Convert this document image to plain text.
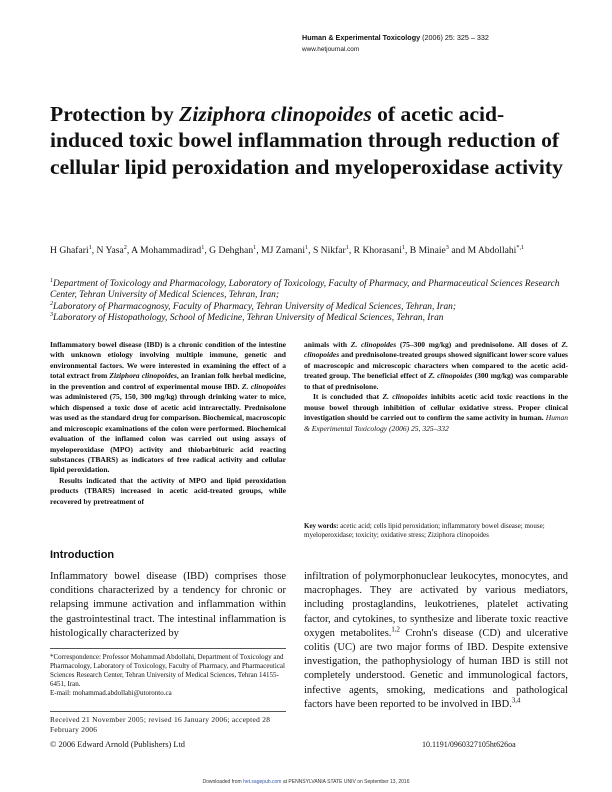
Human & Experimental Toxicology (2006) 25: 325 – 332
www.hetjournal.com
Protection by Ziziphora clinopoides of acetic acid-induced toxic bowel inflammation through reduction of cellular lipid peroxidation and myeloperoxidase activity
H Ghafari$^1$, N Yasa$^2$, A Mohammadirad$^1$, G Dehghan$^1$, MJ Zamani$^1$, S Nikfar$^1$, R Khorasani$^1$, B Minaie$^3$ and M Abdollahi$^{*,1}$
$^1$Department of Toxicology and Pharmacology, Laboratory of Toxicology, Faculty of Pharmacy, and Pharmaceutical Sciences Research Center, Tehran University of Medical Sciences, Tehran, Iran;
$^2$Laboratory of Pharmacognosy, Faculty of Pharmacy, Tehran University of Medical Sciences, Tehran, Iran;
$^3$Laboratory of Histopathology, School of Medicine, Tehran University of Medical Sciences, Tehran, Iran

Inflammatory bowel disease (IBD) is a chronic condition of the intestine with unknown etiology involving multiple immune, genetic and environmental factors. We were interested in examining the effect of a total extract from Ziziphora clinopoides, an Iranian folk herbal medicine, in the prevention and control of experimental mouse IBD. Z. clinopoides was administered (75, 150, 300 mg/kg) through drinking water to mice, which dispensed a toxic dose of acetic acid intrarectally. Prednisolone was used as the standard drug for comparison. Biochemical, macroscopic and microscopic examinations of the colon were performed. Biochemical evaluation of the inflamed colon was carried out using assays of myeloperoxidase (MPO) activity and thiobarbituric acid reacting substances (TBARS) as indicators of free radical activity and cellular lipid peroxidation.

Results indicated that the activity of MPO and lipid peroxidation products (TBARS) increased in acetic acid-treated groups, while recovered by pretreatment of

animals with Z. clinopoides (75–300 mg/kg) and prednisolone. All doses of Z. clinopoides and prednisolone-treated groups showed significant lower score values of macroscopic and microscopic characters when compared to the acetic acid-treated group. The beneficial effect of Z. clinopoides (300 mg/kg) was comparable to that of prednisolone.

It is concluded that Z. clinopoides inhibits acetic acid toxic reactions in the mouse bowel through inhibition of cellular oxidative stress. Proper clinical investigation should be carried out to confirm the same activity in human. Human & Experimental Toxicology (2006) 25, 325–332

Key words: acetic acid; cells lipid peroxidation; inflammatory bowel disease; mouse; myeloperoxidase; toxicity; oxidative stress; Ziziphora clinopoides
Introduction

Inflammatory bowel disease (IBD) comprises those conditions characterized by a tendency for chronic or relapsing immune activation and inflammation within the gastrointestinal tract. The intestinal inflammation is histologically characterized by

infiltration of polymorphonuclear leukocytes, monocytes, and macrophages. They are activated by various mediators, including prostaglandins, leukotrienes, platelet activating factor, and cytokines, to synthesize and liberate toxic reactive oxygen metabolites.$^{1,2}$ Crohn's disease (CD) and ulcerative colitis (UC) are two major forms of IBD. Despite extensive investigation, the pathophysiology of human IBD is still not completely understood. Genetic and immunological factors, infective agents, smoking, medications and pathological factors have been reported to be involved in IBD.$^{3,4}$

*Correspondence: Professor Mohammad Abdollahi, Department of Toxicology and Pharmacology, Laboratory of Toxicology, Faculty of Pharmacy, and Pharmaceutical Sciences Research Center, Tehran University of Medical Sciences, Tehran 14155-6451, Iran.
E-mail: mohammad.abdollahi@utoronto.ca
Received 21 November 2005; revised 16 January 2006; accepted 28 February 2006
© 2006 Edward Arnold (Publishers) Ltd	10.1191/0960327105ht626oa
Downloaded from het.sagepub.com at PENNSYLVANIA STATE UNIV on September 13, 2016
